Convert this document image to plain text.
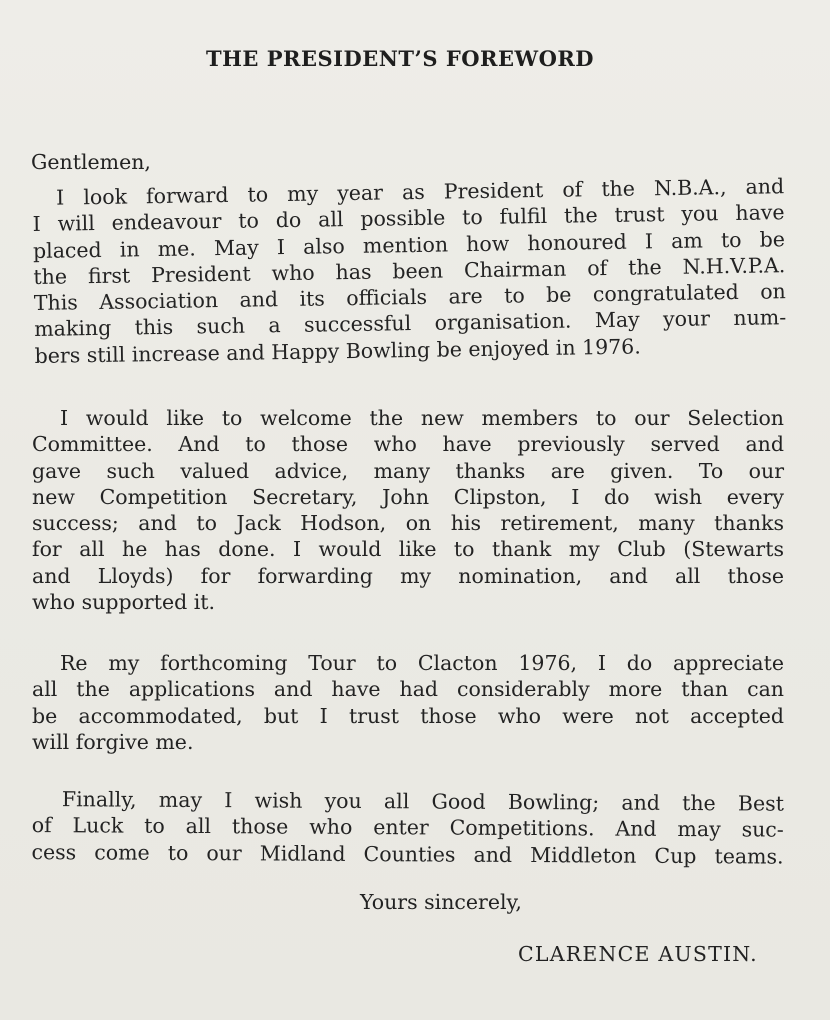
THE PRESIDENT’S FOREWORD

Gentlemen,

I look forward to my year as President of the N.B.A., and
I will endeavour to do all possible to fulfil the trust you have
placed in me. May I also mention how honoured I am to be
the first President who has been Chairman of the N.H.V.P.A.
This Association and its officials are to be congratulated on
making this such a successful organisation. May your num-
bers still increase and Happy Bowling be enjoyed in 1976.
I would like to welcome the new members to our Selection
Committee. And to those who have previously served and
gave such valued advice, many thanks are given. To our
new Competition Secretary, John Clipston, I do wish every
success; and to Jack Hodson, on his retirement, many thanks
for all he has done. I would like to thank my Club (Stewarts
and Lloyds) for forwarding my nomination, and all those
who supported it.
Re my forthcoming Tour to Clacton 1976, I do appreciate
all the applications and have had considerably more than can
be accommodated, but I trust those who were not accepted
will forgive me.
Finally, may I wish you all Good Bowling; and the Best
of Luck to all those who enter Competitions. And may suc-
cess come to our Midland Counties and Middleton Cup teams.

Yours sincerely,

CLARENCE AUSTIN.
